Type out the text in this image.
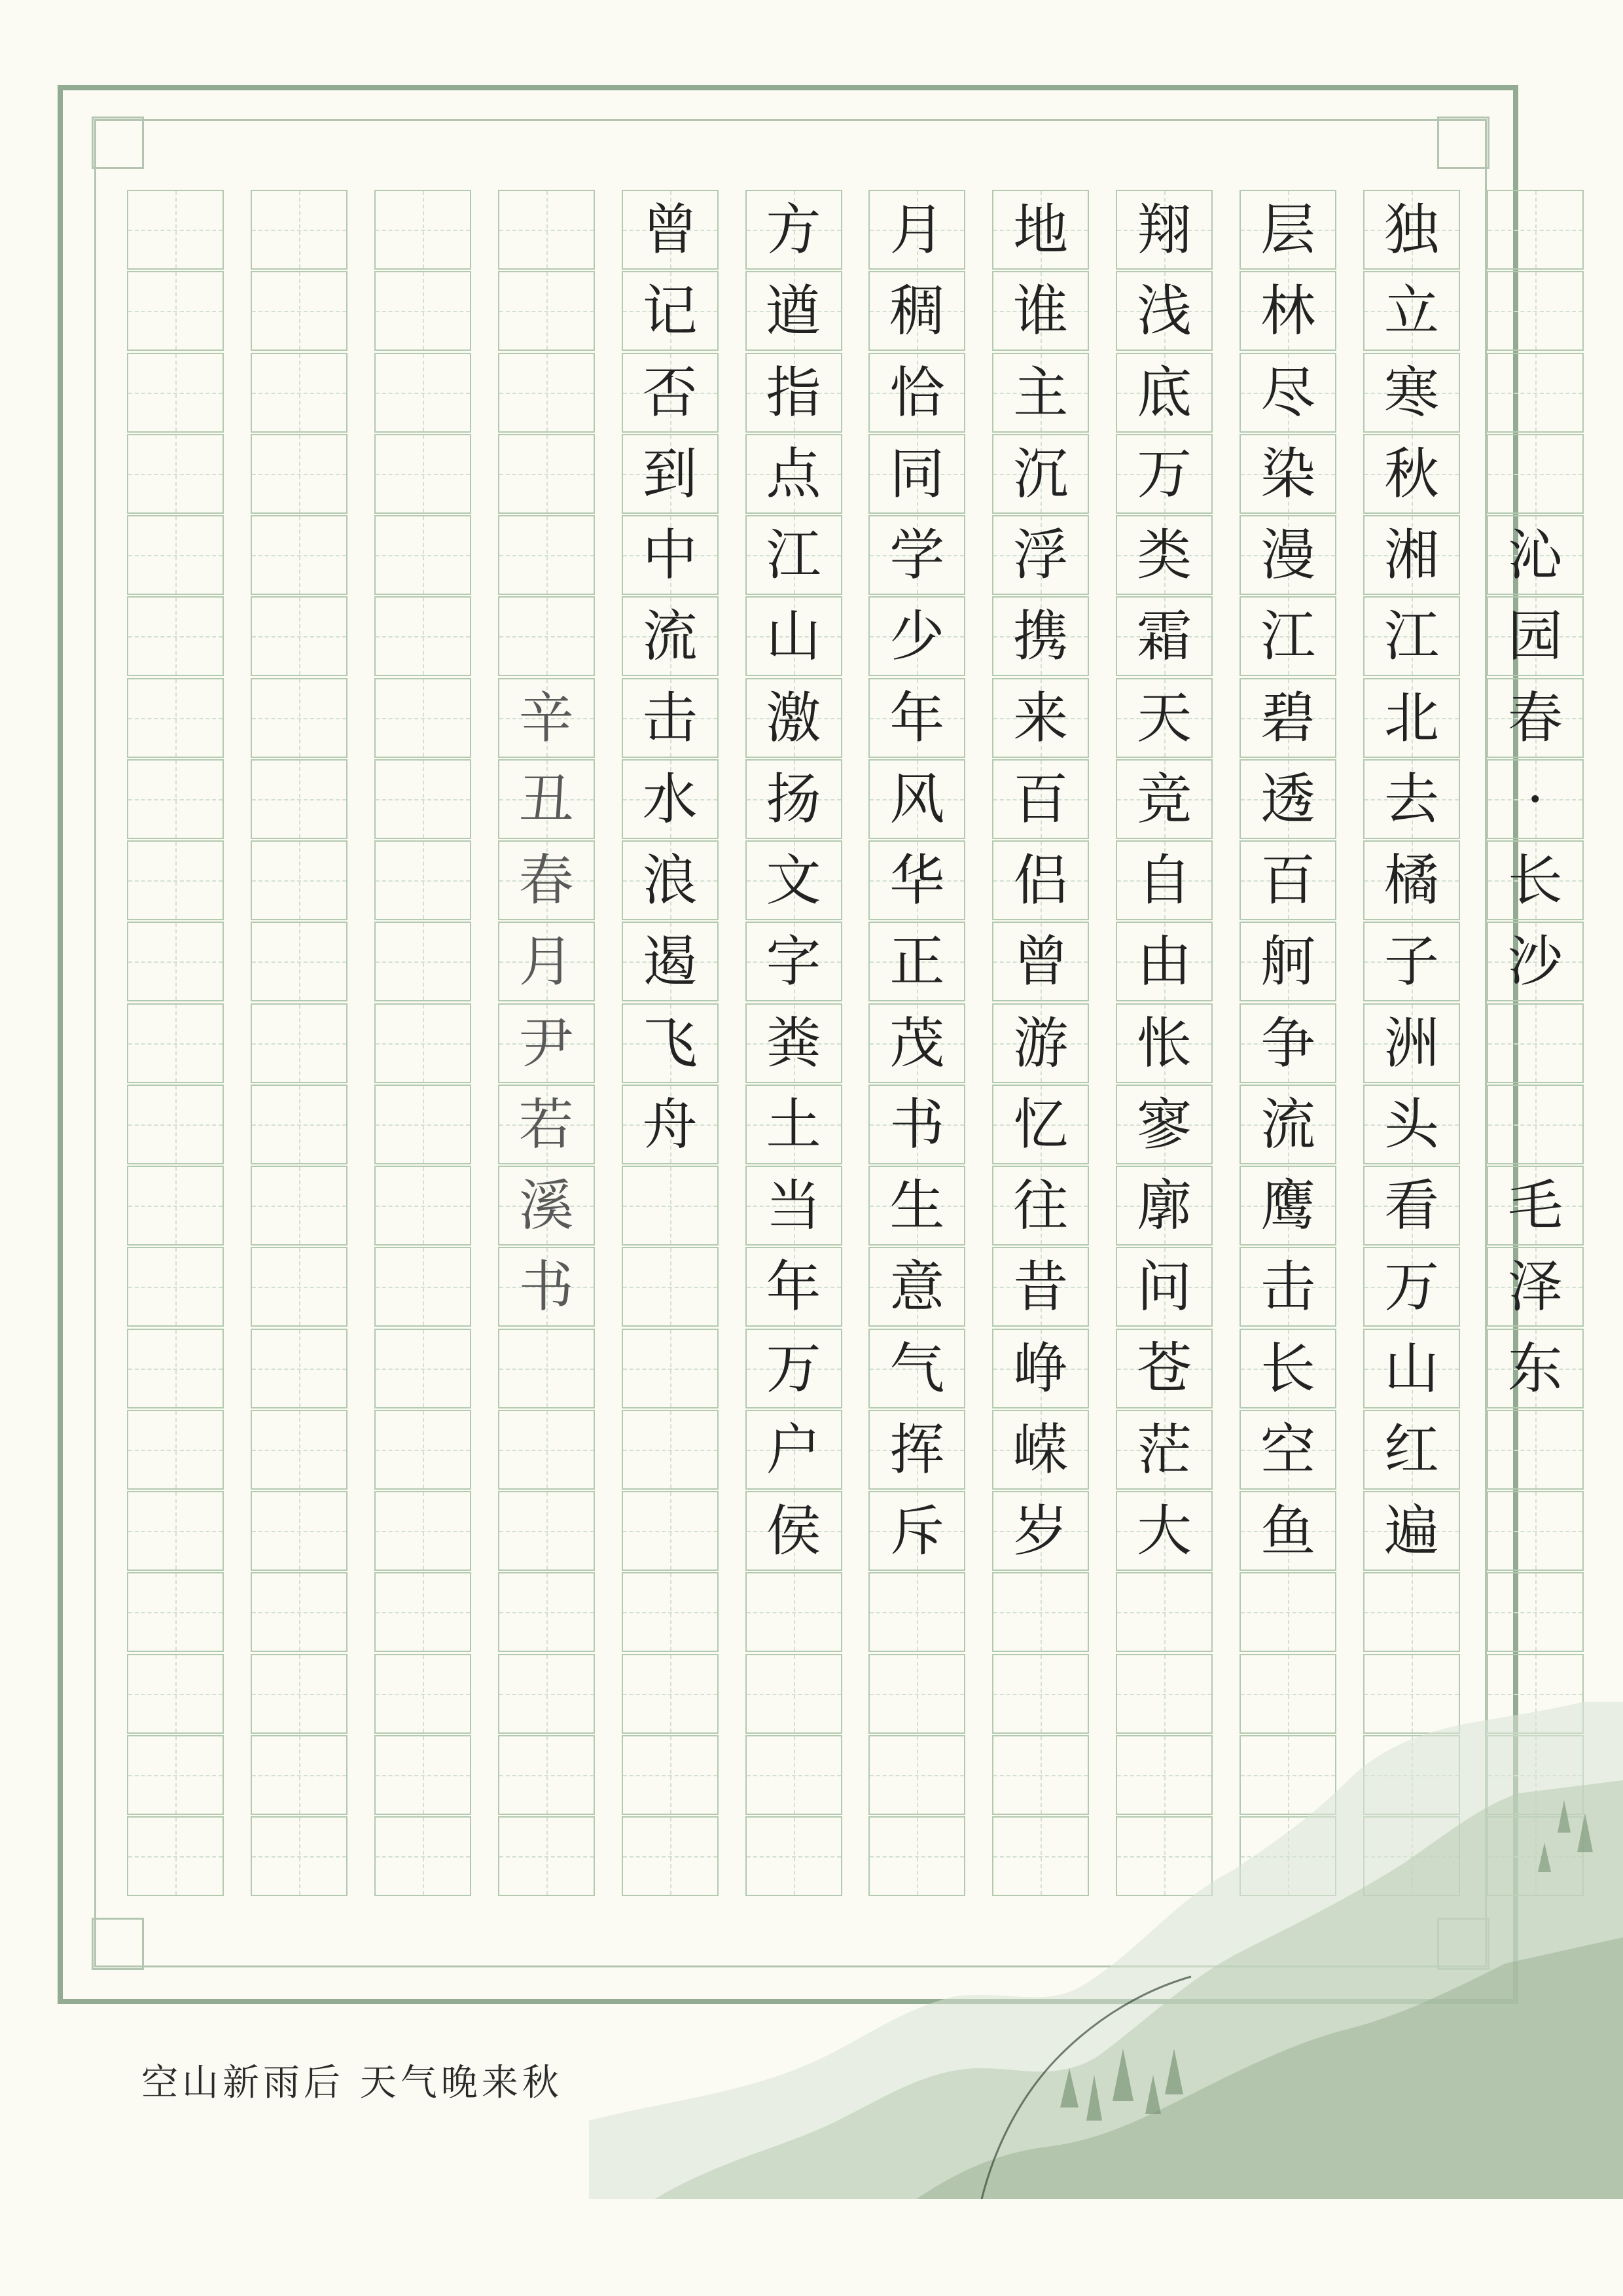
沁
园
春
·
长
沙
毛
泽
东
独
立
寒
秋
湘
江
北
去
橘
子
洲
头
看
万
山
红
遍
层
林
尽
染
漫
江
碧
透
百
舸
争
流
鹰
击
长
空
鱼
翔
浅
底
万
类
霜
天
竞
自
由
怅
寥
廓
问
苍
茫
大
地
谁
主
沉
浮
携
来
百
侣
曾
游
忆
往
昔
峥
嵘
岁
月
稠
恰
同
学
少
年
风
华
正
茂
书
生
意
气
挥
斥
方
遒
指
点
江
山
激
扬
文
字
粪
土
当
年
万
户
侯
曾
记
否
到
中
流
击
水
浪
遏
飞
舟
辛
丑
春
月
尹
若
溪
书
空山新雨后 天气晚来秋
